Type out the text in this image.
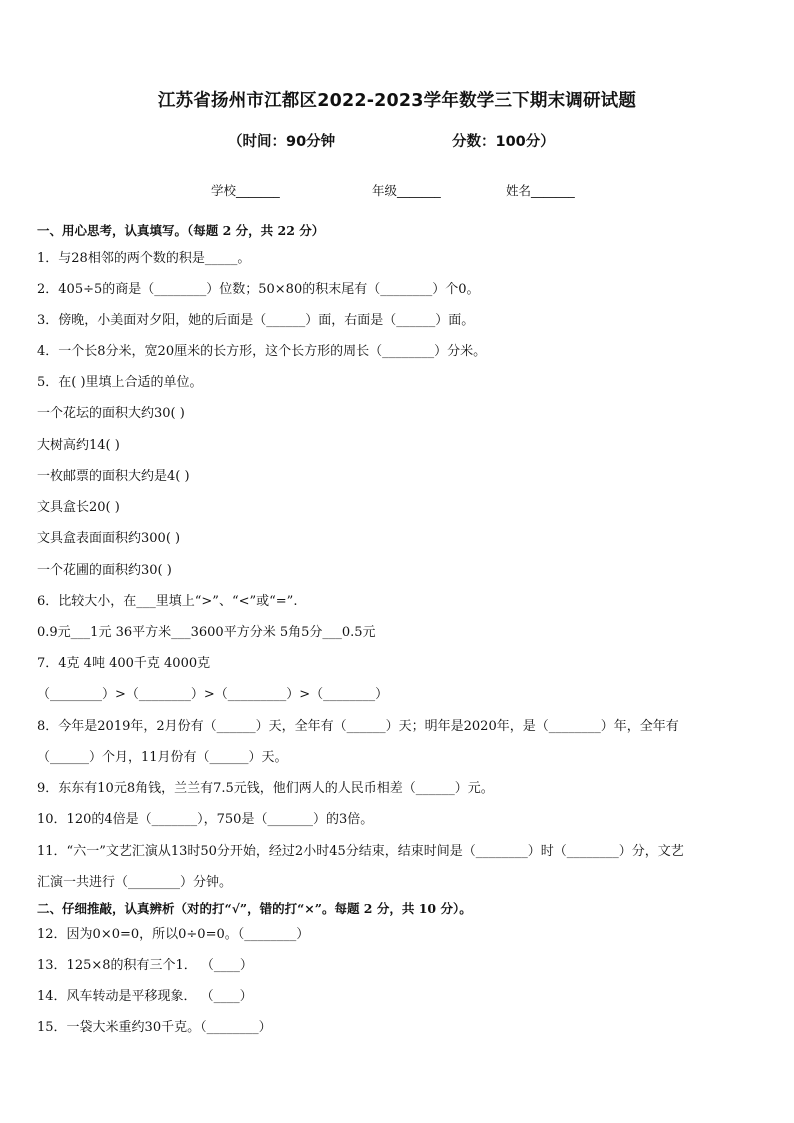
江苏省扬州市江都区2022-2023学年数学三下期末调研试题
（时间：90分钟	分数：100分）
学校_______	年级_______	姓名_______
一、用心思考，认真填写。（每题 2 分，共 22 分）
1．与28相邻的两个数的积是_____。
2．405÷5的商是（________）位数；50×80的积末尾有（________）个0。
3．傍晚，小美面对夕阳，她的后面是（______）面，右面是（______）面。
4．一个长8分米，宽20厘米的长方形，这个长方形的周长（________）分米。
5．在( )里填上合适的单位。
一个花坛的面积大约30( )
大树高约14( )
一枚邮票的面积大约是4( )
文具盒长20( )
文具盒表面面积约300( )
一个花圃的面积约30( )
6．比较大小，在___里填上“>”、“<”或“=”.
0.9元___1元 36平方米___3600平方分米 5角5分___0.5元
7．4克 4吨 400千克 4000克
（________）>（________）>（_________）>（________）
8．今年是2019年，2月份有（______）天，全年有（______）天；明年是2020年，是（________）年，全年有
（______）个月，11月份有（______）天。
9．东东有10元8角钱，兰兰有7.5元钱，他们两人的人民币相差（______）元。
10．120的4倍是（_______），750是（_______）的3倍。
11．“六一”文艺汇演从13时50分开始，经过2小时45分结束，结束时间是（________）时（________）分，文艺
汇演一共进行（________）分钟。
二、仔细推敲，认真辨析（对的打“√”，错的打“×”。每题 2 分，共 10 分）。
12．因为0×0=0，所以0÷0=0。（________）
13．125×8的积有三个1． （____）
14．风车转动是平移现象． （____）
15．一袋大米重约30千克。（________）
